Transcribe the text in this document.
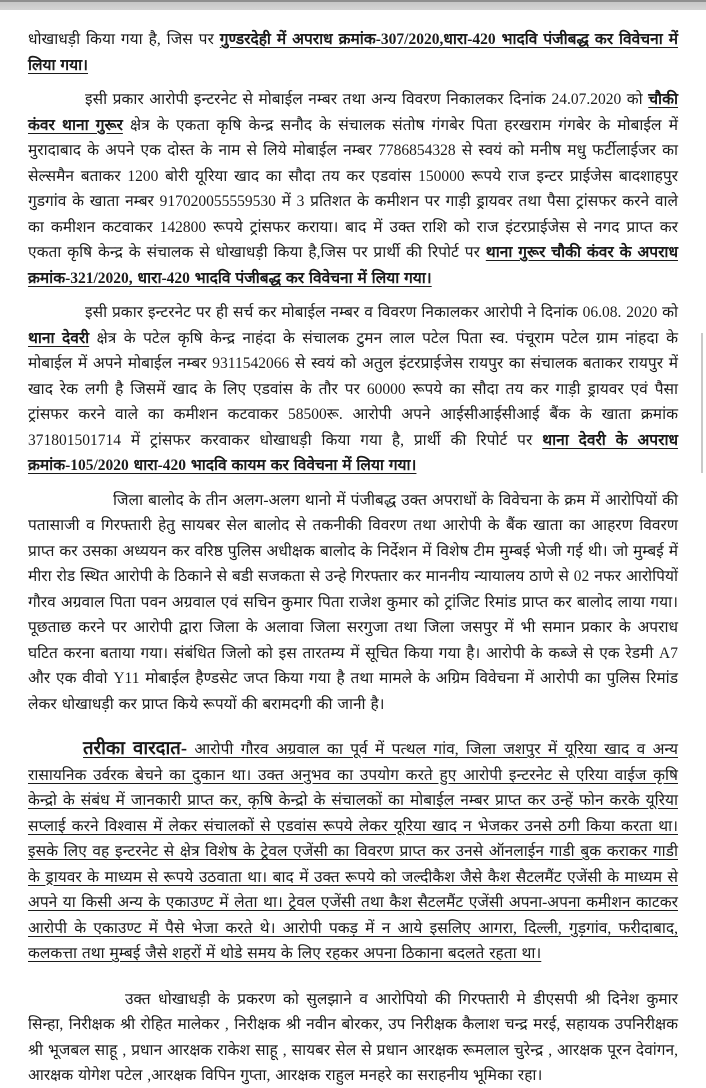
धोखाधड़ी किया गया है, जिस पर गुण्डरदेही में अपराध क्रमांक-307/2020,धारा-420 भादवि पंजीबद्ध कर विवेचना में लिया गया।

इसी प्रकार आरोपी इन्टरनेट से मोबाईल नम्बर तथा अन्य विवरण निकालकर दिनांक 24.07.2020 को चौकी कंवर थाना गुरूर क्षेत्र के एकता कृषि केन्द्र सनौद के संचालक संतोष गंगबेर पिता हरखराम गंगबेर के मोबाईल में मुरादाबाद के अपने एक दोस्त के नाम से लिये मोबाईल नम्बर 7786854328 से स्वयं को मनीष मधु फर्टीलाईजर का सेल्समैन बताकर 1200 बोरी यूरिया खाद का सौदा तय कर एडवांस 150000 रूपये राज इन्टर प्राईजेस बादशाहपुर गुडगांव के खाता नम्बर 917020055559530 में 3 प्रतिशत के कमीशन पर गाड़ी ड्रायवर तथा पैसा ट्रांसफर करने वाले का कमीशन कटवाकर 142800 रूपये ट्रांसफर कराया। बाद में उक्त राशि को राज इंटरप्राईजेस से नगद प्राप्त कर एकता कृषि केन्द्र के संचालक से धोखाधड़ी किया है,जिस पर प्रार्थी की रिपोर्ट पर थाना गुरूर चौकी कंवर के अपराध क्रमांक-321/2020, धारा-420 भादवि पंजीबद्ध कर विवेचना में लिया गया।

इसी प्रकार इन्टरनेट पर ही सर्च कर मोबाईल नम्बर व विवरण निकालकर आरोपी ने दिनांक 06.08. 2020 को थाना देवरी क्षेत्र के पटेल कृषि केन्द्र नाहंदा के संचालक टुमन लाल पटेल पिता स्व. पंचूराम पटेल ग्राम नांहदा के मोबाईल में अपने मोबाईल नम्बर 9311542066 से स्वयं को अतुल इंटरप्राईजेस रायपुर का संचालक बताकर रायपुर में खाद रेक लगी है जिसमें खाद के लिए एडवांस के तौर पर 60000 रूपये का सौदा तय कर गाड़ी ड्रायवर एवं पैसा ट्रांसफर करने वाले का कमीशन कटवाकर 58500रू. आरोपी अपने आईसीआईसीआई बैंक के खाता क्रमांक 371801501714 में ट्रांसफर करवाकर धोखाधड़ी किया गया है, प्रार्थी की रिपोर्ट पर थाना देवरी के अपराध क्रमांक-105/2020 धारा-420 भादवि कायम कर विवेचना में लिया गया।

जिला बालोद के तीन अलग-अलग थानो में पंजीबद्ध उक्त अपराधों के विवेचना के क्रम में आरोपियों की पतासाजी व गिरफ्तारी हेतु सायबर सेल बालोद से तकनीकी विवरण तथा आरोपी के बैंक खाता का आहरण विवरण प्राप्त कर उसका अध्ययन कर वरिष्ठ पुलिस अधीक्षक बालोद के निर्देशन में विशेष टीम मुम्बई भेजी गई थी। जो मुम्बई में मीरा रोड स्थित आरोपी के ठिकाने से बडी सजकता से उन्हे गिरफ्तार कर माननीय न्यायालय ठाणे से 02 नफर आरोपियों गौरव अग्रवाल पिता पवन अग्रवाल एवं सचिन कुमार पिता राजेश कुमार को ट्रांजिट रिमांड प्राप्त कर बालोद लाया गया। पूछताछ करने पर आरोपी द्वारा जिला के अलावा जिला सरगुजा तथा जिला जसपुर में भी समान प्रकार के अपराध घटित करना बताया गया। संबंधित जिलो को इस तारतम्य में सूचित किया गया है। आरोपी के कब्जे से एक रेडमी A7 और एक वीवो Y11 मोबाईल हैण्डसेट जप्त किया गया है तथा मामले के अग्रिम विवेचना में आरोपी का पुलिस रिमांड लेकर धोखाधड़ी कर प्राप्त किये रूपयों की बरामदगी की जानी है।

तरीका वारदात- आरोपी गौरव अग्रवाल का पूर्व में पत्थल गांव, जिला जशपुर में यूरिया खाद व अन्य रासायनिक उर्वरक बेचने का दुकान था। उक्त अनुभव का उपयोग करते हुए आरोपी इन्टरनेट से एरिया वाईज कृषि केन्द्रो के संबंध में जानकारी प्राप्त कर, कृषि केन्द्रो के संचालकों का मोबाईल नम्बर प्राप्त कर उन्हें फोन करके यूरिया सप्लाई करने विश्वास में लेकर संचालकों से एडवांस रूपये लेकर यूरिया खाद न भेजकर उनसे ठगी किया करता था। इसके लिए वह इन्टरनेट से क्षेत्र विशेष के ट्रेवल एजेंसी का विवरण प्राप्त कर उनसे ऑनलाईन गाडी बुक कराकर गाडी के ड्रायवर के माध्यम से रूपये उठवाता था। बाद में उक्त रूपये को जल्दीकैश जैसे कैश सैटलमैंट एजेंसी के माध्यम से अपने या किसी अन्य के एकाउण्ट में लेता था। ट्रेवल एजेंसी तथा कैश सैटलमैंट एजेंसी अपना-अपना कमीशन काटकर आरोपी के एकाउण्ट में पैसे भेजा करते थे। आरोपी पकड़ में न आये इसलिए आगरा, दिल्ली, गुड़गांव, फरीदाबाद, कलकत्ता तथा मुम्बई जैसे शहरों में थोडे समय के लिए रहकर अपना ठिकाना बदलते रहता था।

उक्त धोखाधड़ी के प्रकरण को सुलझाने व आरोपियो की गिरफ्तारी मे डीएसपी श्री दिनेश कुमार सिन्हा, निरीक्षक श्री रोहित मालेकर , निरीक्षक श्री नवीन बोरकर, उप निरीक्षक कैलाश चन्द्र मरई, सहायक उपनिरीक्षक श्री भूजबल साहू , प्रधान आरक्षक राकेश साहू , सायबर सेल से प्रधान आरक्षक रूमलाल चुरेन्द्र , आरक्षक पूरन देवांगन, आरक्षक योगेश पटेल ,आरक्षक विपिन गुप्ता, आरक्षक राहुल मनहरे का सराहनीय भूमिका रहा।
